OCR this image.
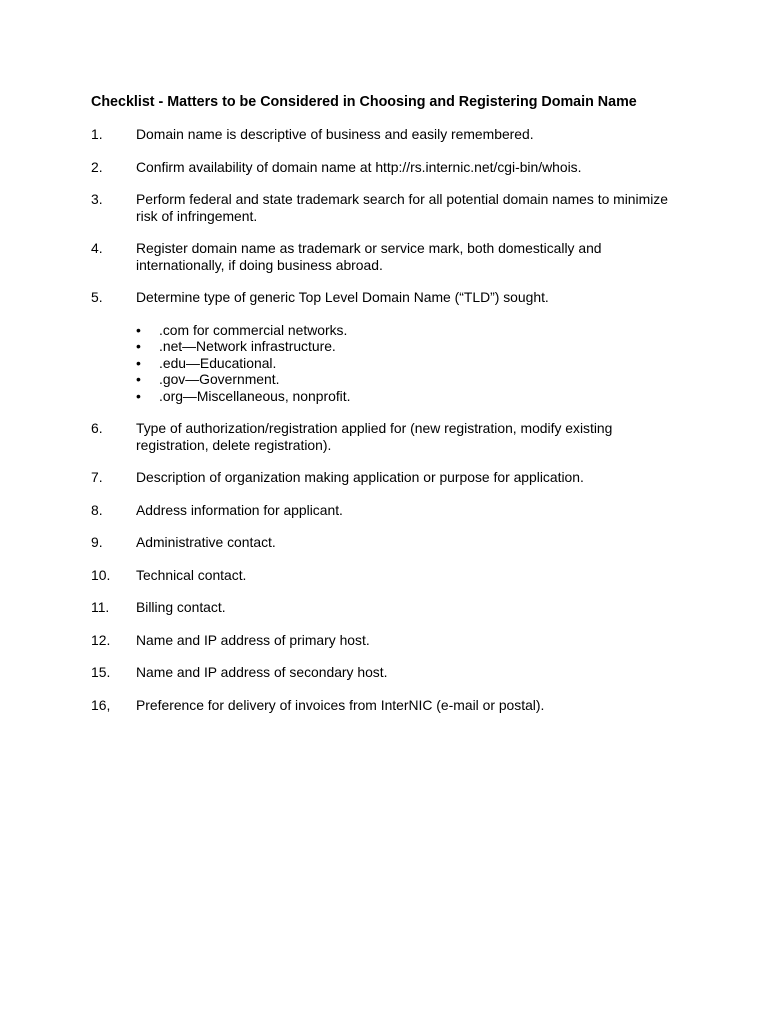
Checklist - Matters to be Considered in Choosing and Registering Domain Name
1.	Domain name is descriptive of business and easily remembered.
2.	Confirm availability of domain name at http://rs.internic.net/cgi-bin/whois.
3.	Perform federal and state trademark search for all potential domain names to minimize risk of infringement.
4.	Register domain name as trademark or service mark, both domestically and internationally, if doing business abroad.
5.	Determine type of generic Top Level Domain Name (“TLD”) sought.
• .com for commercial networks.
• .net—Network infrastructure.
• .edu—Educational.
• .gov—Government.
• .org—Miscellaneous, nonprofit.
6.	Type of authorization/registration applied for (new registration, modify existing registration, delete registration).
7.	Description of organization making application or purpose for application.
8.	Address information for applicant.
9.	Administrative contact.
10.	Technical contact.
11.	Billing contact.
12.	Name and IP address of primary host.
15.	Name and IP address of secondary host.
16,	Preference for delivery of invoices from InterNIC (e-mail or postal).
